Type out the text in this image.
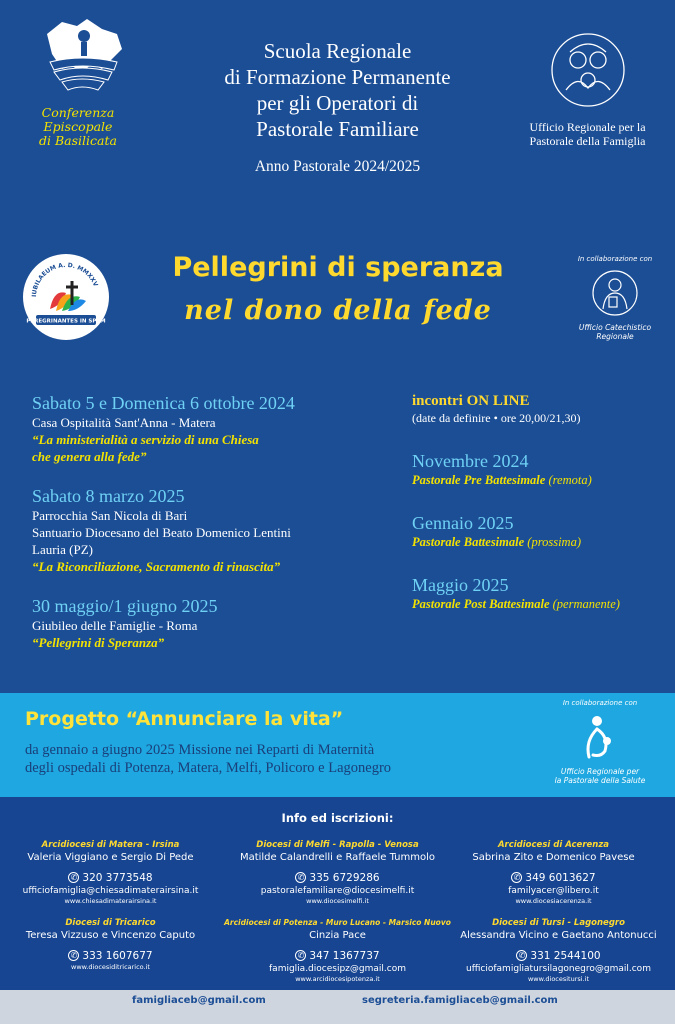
Conferenza
Episcopale
di Basilicata
Scuola Regionale
di Formazione Permanente
per gli Operatori di
Pastorale Familiare
Anno Pastorale 2024/2025
Ufficio Regionale per la
Pastorale della Famiglia
IUBILAEUM A. D. MMXXV
PEREGRINANTES IN SPEM
Pellegrini di speranza
nel dono della fede
In collaborazione con
Ufficio Catechistico
Regionale
Sabato 5 e Domenica 6 ottobre 2024
Casa Ospitalità Sant'Anna - Matera
“La ministerialità a servizio di una Chiesa
che genera alla fede”
Sabato 8 marzo 2025
Parrocchia San Nicola di Bari
Santuario Diocesano del Beato Domenico Lentini
Lauria (PZ)
“La Riconciliazione, Sacramento di rinascita”
30 maggio/1 giugno 2025
Giubileo delle Famiglie - Roma
“Pellegrini di Speranza”
incontri ON LINE
(date da definire • ore 20,00/21,30)
Novembre 2024
Pastorale Pre Battesimale (remota)
Gennaio 2025
Pastorale Battesimale (prossima)
Maggio 2025
Pastorale Post Battesimale (permanente)
Progetto “Annunciare la vita”
da gennaio a giugno 2025 Missione nei Reparti di Maternità
degli ospedali di Potenza, Matera, Melfi, Policoro e Lagonegro
In collaborazione con
Ufficio Regionale per
la Pastorale della Salute
Info ed iscrizioni:
Arcidiocesi di Matera - Irsina
Valeria Viggiano e Sergio Di Pede
✆ 320 3773548
ufficiofamiglia@chiesadimaterairsina.it
www.chiesadimaterairsina.it
Diocesi di Melfi - Rapolla - Venosa
Matilde Calandrelli e Raffaele Tummolo
✆ 335 6729286
pastoralefamiliare@diocesimelfi.it
www.diocesimelfi.it
Arcidiocesi di Acerenza
Sabrina Zito e Domenico Pavese
✆ 349 6013627
familyacer@libero.it
www.diocesiacerenza.it
Diocesi di Tricarico
Teresa Vizzuso e Vincenzo Caputo
✆ 333 1607677
www.diocesiditricarico.it
Arcidiocesi di Potenza - Muro Lucano - Marsico Nuovo
Cinzia Pace
✆ 347 1367737
famiglia.diocesipz@gmail.com
www.arcidiocesipotenza.it
Diocesi di Tursi - Lagonegro
Alessandra Vicino e Gaetano Antonucci
✆ 331 2544100
ufficiofamigliatursilagonegro@gmail.com
www.diocesitursi.it
famigliaceb@gmail.com	segreteria.famigliaceb@gmail.com
